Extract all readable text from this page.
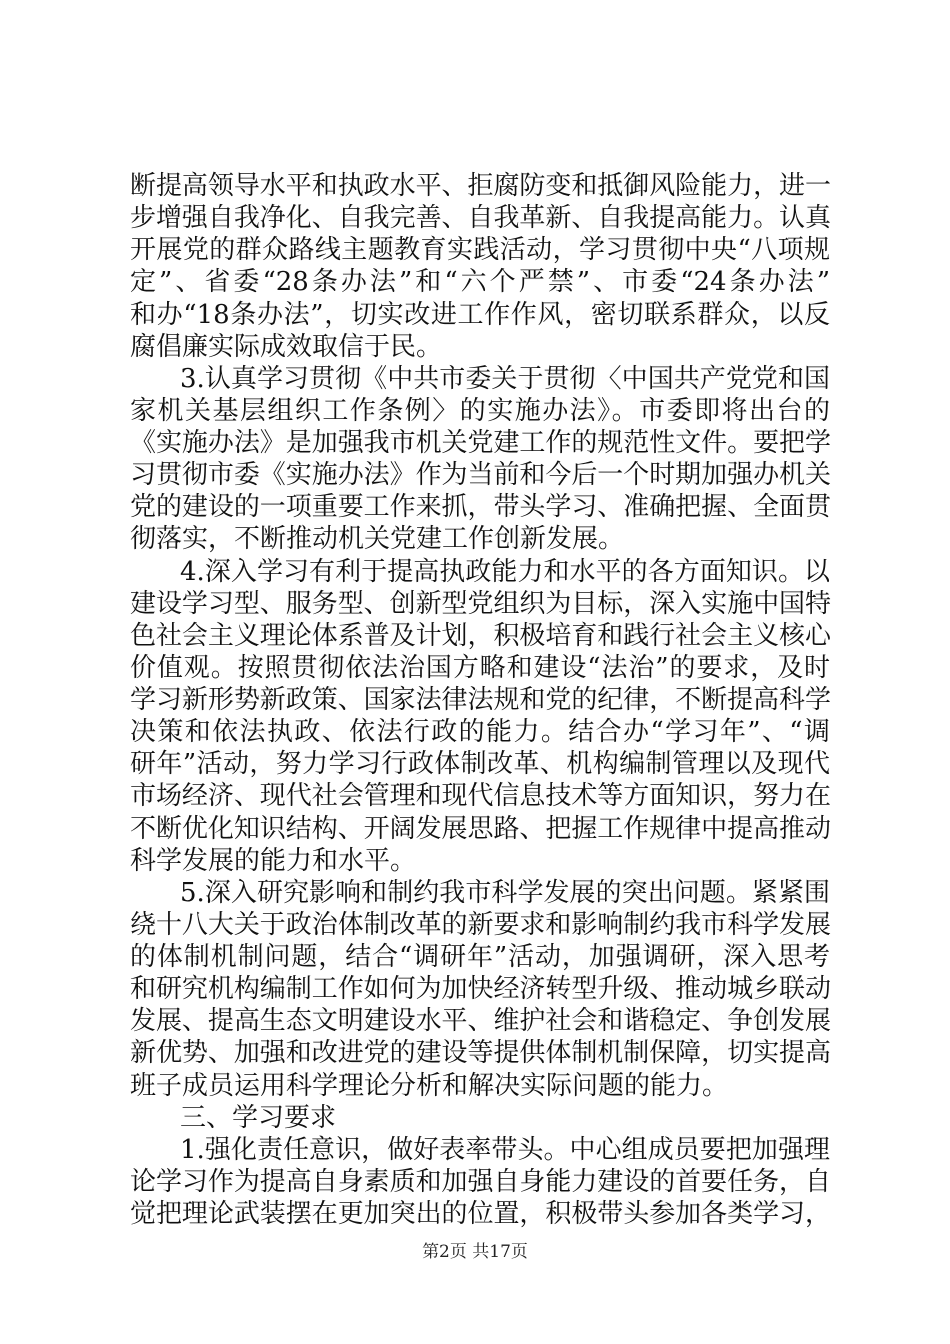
断提高领导水平和执政水平、拒腐防变和抵御风险能力，进一
步增强自我净化、自我完善、自我革新、自我提高能力。认真
开展党的群众路线主题教育实践活动，学习贯彻中央“八项规
定”、省委“28条办法”和“六个严禁”、市委“24条办法”
和办“18条办法”，切实改进工作作风，密切联系群众，以反
腐倡廉实际成效取信于民。
3.认真学习贯彻《中共市委关于贯彻〈中国共产党党和国
家机关基层组织工作条例〉的实施办法》。市委即将出台的
《实施办法》是加强我市机关党建工作的规范性文件。要把学
习贯彻市委《实施办法》作为当前和今后一个时期加强办机关
党的建设的一项重要工作来抓，带头学习、准确把握、全面贯
彻落实，不断推动机关党建工作创新发展。
4.深入学习有利于提高执政能力和水平的各方面知识。以
建设学习型、服务型、创新型党组织为目标，深入实施中国特
色社会主义理论体系普及计划，积极培育和践行社会主义核心
价值观。按照贯彻依法治国方略和建设“法治”的要求，及时
学习新形势新政策、国家法律法规和党的纪律，不断提高科学
决策和依法执政、依法行政的能力。结合办“学习年”、“调
研年”活动，努力学习行政体制改革、机构编制管理以及现代
市场经济、现代社会管理和现代信息技术等方面知识，努力在
不断优化知识结构、开阔发展思路、把握工作规律中提高推动
科学发展的能力和水平。
5.深入研究影响和制约我市科学发展的突出问题。紧紧围
绕十八大关于政治体制改革的新要求和影响制约我市科学发展
的体制机制问题，结合“调研年”活动，加强调研，深入思考
和研究机构编制工作如何为加快经济转型升级、推动城乡联动
发展、提高生态文明建设水平、维护社会和谐稳定、争创发展
新优势、加强和改进党的建设等提供体制机制保障，切实提高
班子成员运用科学理论分析和解决实际问题的能力。
三、学习要求
1.强化责任意识，做好表率带头。中心组成员要把加强理
论学习作为提高自身素质和加强自身能力建设的首要任务，自
觉把理论武装摆在更加突出的位置，积极带头参加各类学习，
第2页 共17页
